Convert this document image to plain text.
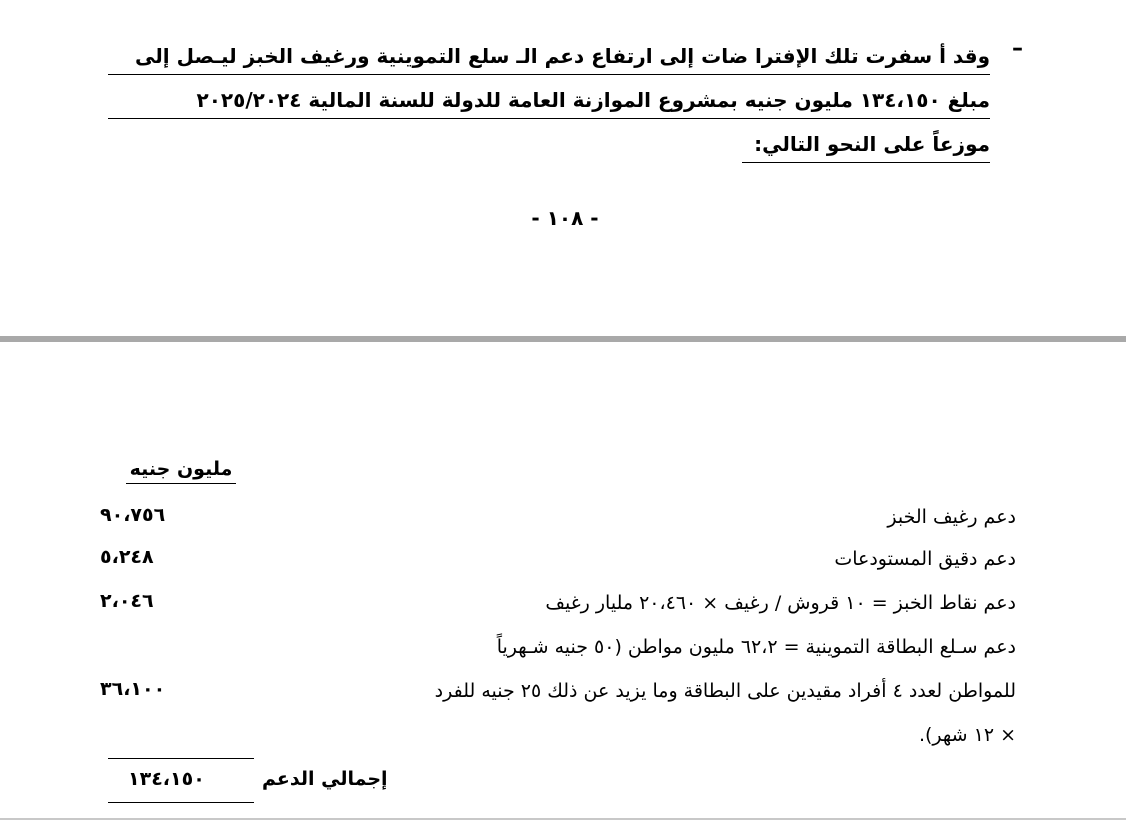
–
وقد أ سفرت تلك الإفترا ضات إلى ارتفاع دعم الـ سلع التموينية ورغيف الخبز ليـصل إلى
مبلغ ١٣٤،١٥٠ مليون جنيه بمشروع الموازنة العامة للدولة للسنة المالية ٢٠٢٥/٢٠٢٤
موزعاً على النحو التالي:
- ١٠٨ -
مليون جنيه
دعم رغيف الخبز
٩٠،٧٥٦
دعم دقيق المستودعات
٥،٢٤٨
دعم نقاط الخبز = ١٠ قروش / رغيف × ٢٠،٤٦٠ مليار رغيف
٢،٠٤٦
دعم سـلع البطاقة التموينية = ٦٢،٢ مليون مواطن (٥٠ جنيه شـهرياً
للمواطن لعدد ٤ أفراد مقيدين على البطاقة وما يزيد عن ذلك ٢٥ جنيه للفرد
× ١٢ شهر).
٣٦،١٠٠
إجمالي الدعم
١٣٤،١٥٠
